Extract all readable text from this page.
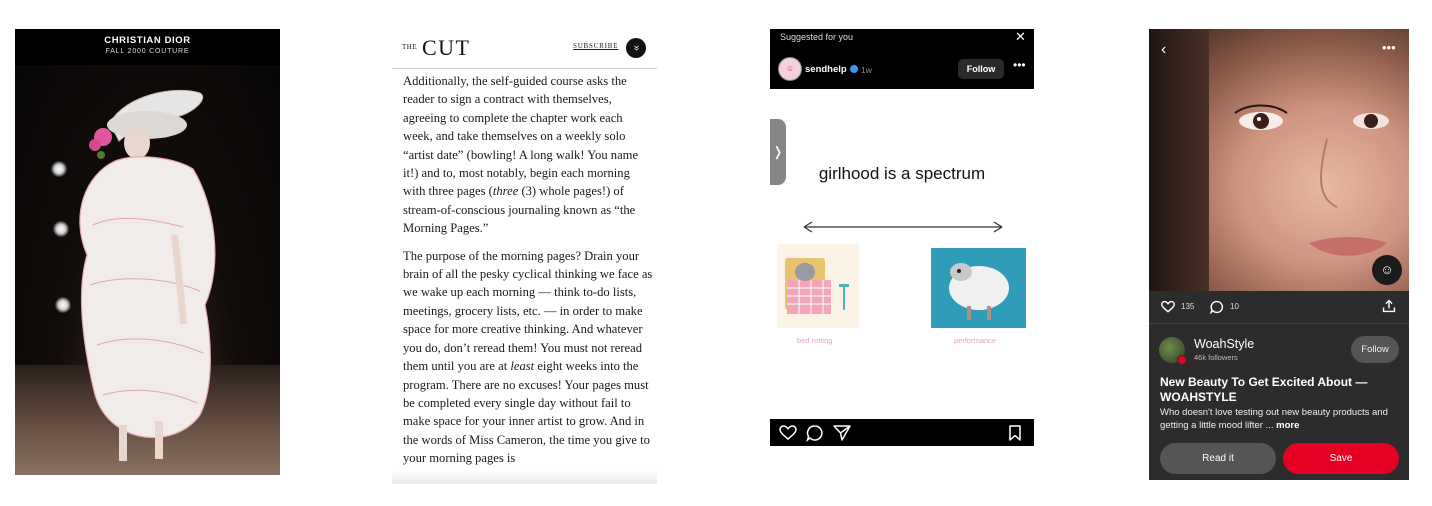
CHRISTIAN DIOR
FALL 2000 COUTURE
THE CUT	SUBSCRIBE	»

Additionally, the self-guided course asks the reader to sign a contract with themselves, agreeing to complete the chapter work each week, and take themselves on a weekly solo “artist date” (bowling! A long walk! You name it!) and to, most notably, begin each morning with three pages (three (3) whole pages!) of stream-of-conscious journaling known as “the Morning Pages.”

The purpose of the morning pages? Drain your brain of all the pesky cyclical thinking we face as we wake up each morning — think to-do lists, meetings, grocery lists, etc. — in order to make space for more creative thinking. And whatever you do, don’t reread them! You must not reread them until you are at least eight weeks into the program. There are no excuses! Your pages must be completed every single day without fail to make space for your inner artist to grow. And in the words of Miss Cameron, the time you give to your morning pages is

Suggested for you	✕
☺	sendhelp 1w	Follow	•••
❭
girlhood is a spectrum
bed rotting	performance
‹	•••
☺
135	10
WoahStyle
46k followers
Follow
New Beauty To Get Excited About — WOAHSTYLE
Who doesn't love testing out new beauty products and getting a little mood lifter ... more
Read it	Save
